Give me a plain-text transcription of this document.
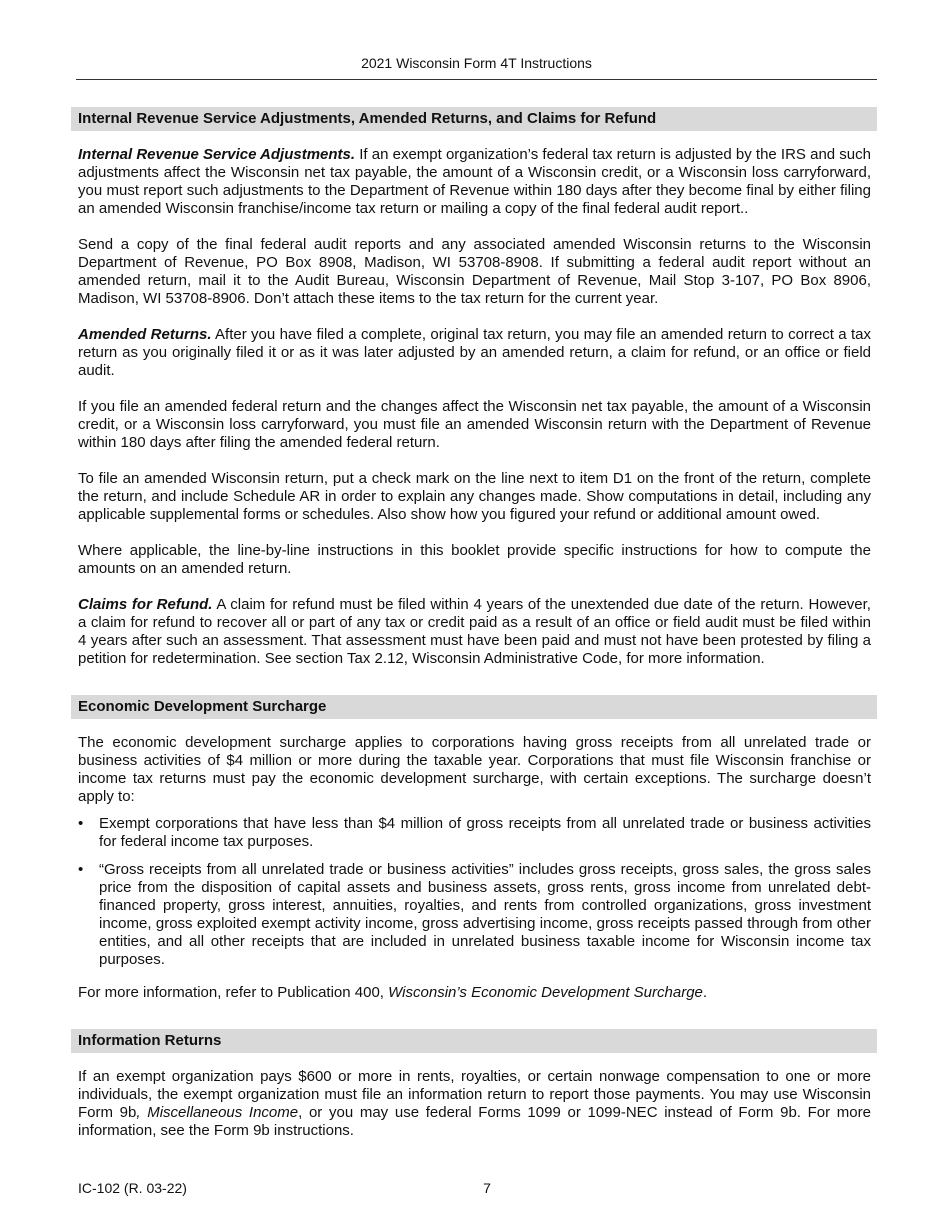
2021 Wisconsin Form 4T Instructions
Internal Revenue Service Adjustments, Amended Returns, and Claims for Refund

Internal Revenue Service Adjustments. If an exempt organization’s federal tax return is adjusted by the IRS and such adjustments affect the Wisconsin net tax payable, the amount of a Wisconsin credit, or a Wisconsin loss carryforward, you must report such adjustments to the Department of Revenue within 180 days after they become final by either filing an amended Wisconsin franchise/income tax return or mailing a copy of the final federal audit report..

Send a copy of the final federal audit reports and any associated amended Wisconsin returns to the Wisconsin Department of Revenue, PO Box 8908, Madison, WI 53708-8908. If submitting a federal audit report without an amended return, mail it to the Audit Bureau, Wisconsin Department of Revenue, Mail Stop 3-107, PO Box 8906, Madison, WI 53708-8906. Don’t attach these items to the tax return for the current year.

Amended Returns. After you have filed a complete, original tax return, you may file an amended return to correct a tax return as you originally filed it or as it was later adjusted by an amended return, a claim for refund, or an office or field audit.

If you file an amended federal return and the changes affect the Wisconsin net tax payable, the amount of a Wisconsin credit, or a Wisconsin loss carryforward, you must file an amended Wisconsin return with the Department of Revenue within 180 days after filing the amended federal return.

To file an amended Wisconsin return, put a check mark on the line next to item D1 on the front of the return, complete the return, and include Schedule AR in order to explain any changes made. Show computations in detail, including any applicable supplemental forms or schedules. Also show how you figured your refund or additional amount owed.

Where applicable, the line-by-line instructions in this booklet provide specific instructions for how to compute the amounts on an amended return.

Claims for Refund. A claim for refund must be filed within 4 years of the unextended due date of the return. However, a claim for refund to recover all or part of any tax or credit paid as a result of an office or field audit must be filed within 4 years after such an assessment. That assessment must have been paid and must not have been protested by filing a petition for redetermination. See section Tax 2.12, Wisconsin Administrative Code, for more information.

Economic Development Surcharge

The economic development surcharge applies to corporations having gross receipts from all unrelated trade or business activities of $4 million or more during the taxable year. Corporations that must file Wisconsin franchise or income tax returns must pay the economic development surcharge, with certain exceptions. The surcharge doesn’t apply to:

• Exempt corporations that have less than $4 million of gross receipts from all unrelated trade or business activities for federal income tax purposes.
• “Gross receipts from all unrelated trade or business activities” includes gross receipts, gross sales, the gross sales price from the disposition of capital assets and business assets, gross rents, gross income from unrelated debt-financed property, gross interest, annuities, royalties, and rents from controlled organizations, gross investment income, gross exploited exempt activity income, gross advertising income, gross receipts passed through from other entities, and all other receipts that are included in unrelated business taxable income for Wisconsin income tax purposes.

For more information, refer to Publication 400, Wisconsin’s Economic Development Surcharge.

Information Returns

If an exempt organization pays $600 or more in rents, royalties, or certain nonwage compensation to one or more individuals, the exempt organization must file an information return to report those payments. You may use Wisconsin Form 9b, Miscellaneous Income, or you may use federal Forms 1099 or 1099-NEC instead of Form 9b. For more information, see the Form 9b instructions.

IC-102 (R. 03-22)	7
